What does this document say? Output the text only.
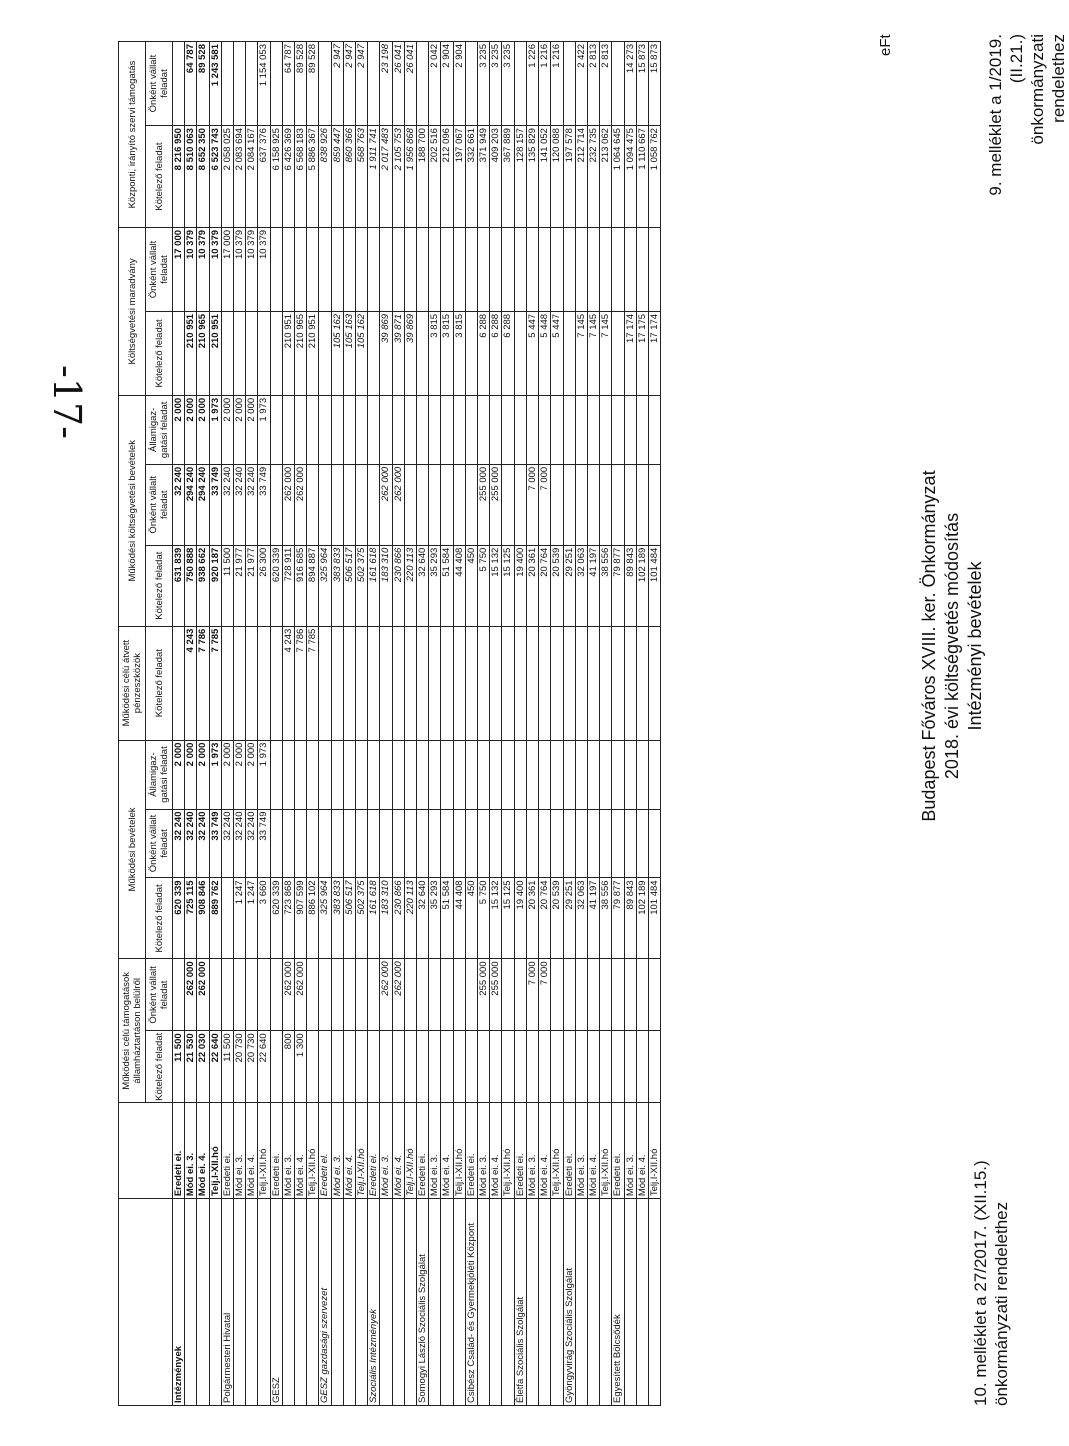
10. melléklet a 27/2017. (XII.15.) önkormányzati rendelethez
Budapest Főváros XVIII. ker. Önkormányzat 2018. évi költségvetés módosítás Intézményi bevételek
9. melléklet a 1/2019. (II.21.) önkormányzati rendelethez
eFt
		Működési célú támogatások államháztartáson belülről		Működési bevételek			Működési célú átvett pénzeszközök	Működési költségvetési bevételek			Költségvetési maradvány		Központi, irányító szervi támogatás	
		Kötelező feladat	Önként vállalt feladat	Kötelező feladat	Önként vállalt feladat	Államigaz-gatási feladat	Kötelező feladat	Kötelező feladat	Önként vállalt feladat	Államigaz-gatási feladat	Kötelező feladat	Önként vállalt feladat	Kötelező feladat	Önként vállalt feladat
Intézmények	Eredeti ei.	11 500		620 339	32 240	2 000		631 839	32 240	2 000		17 000	8 216 950	
	Mód ei. 3.	21 530	262 000	725 115	32 240	2 000	4 243	750 888	294 240	2 000	210 951	10 379	8 510 063	64 787
	Mód ei. 4.	22 030	262 000	908 846	32 240	2 000	7 786	938 662	294 240	2 000	210 965	10 379	8 652 350	89 528
	Telj.I-XII.hó	22 640		889 762	33 749	1 973	7 785	920 187	33 749	1 973	210 951	10 379	6 523 743	1 243 581
Polgármesteri Hivatal	Eredeti ei.	11 500			32 240	2 000		11 500	32 240	2 000		17 000	2 058 025	
	Mód ei. 3.	20 730		1 247	32 240	2 000		21 977	32 240	2 000		10 379	2 083 694	
	Mód ei. 4.	20 730		1 247	32 240	2 000		21 977	32 240	2 000		10 379	2 084 167	
	Telj.I-XII.hó	22 640		3 660	33 749	1 973		26 300	33 749	1 973		10 379	637 376	1 154 053
GESZ	Eredeti ei.			620 339				620 339					6 158 925	
	Mód ei. 3.	800	262 000	723 868			4 243	728 911	262 000		210 951		6 426 369	64 787
	Mód ei. 4.	1 300	262 000	907 599			7 786	916 685	262 000		210 965		6 568 183	89 528
	Telj.I-XII.hó			886 102			7 785	894 887			210 951		5 886 367	89 528
GESZ gazdasági szervezet	Eredeti el.			325 964				325 964					838 926	
	Mód ei. 3.			383 833				383 833			105 162		859 447	2 947
	Mód ei. 4.			506 517				506 517			105 163		860 366	2 947
	Telj.I-XII.hó			502 375				502 375			105 162		568 763	2 947
Szociális Intézmények	Eredeti ei.			161 618				161 618					1 911 741	
	Mód ei. 3.		262 000	183 310				183 310	262 000		39 869		2 017 483	23 198
	Mód ei. 4.		262 000	230 866				230 866	262 000		39 871		2 105 753	26 041
	Telj.I-XII.hó			220 113				220 113			39 869		1 956 868	26 041
Somogyi László Szociális Szolgálat	Eredeti ei.			32 640				32 640					188 700	
	Mód ei. 3.			35 293				35 293			3 815		202 516	2 042
	Mód ei. 4.			51 584				51 584			3 815		212 096	2 904
	Telj.I-XII.hó			44 408				44 408			3 815		197 067	2 904
Csibész Család- és Gyermekjóléti Központ	Eredeti ei.			450				450					332 661	
	Mód ei. 3.		255 000	5 750				5 750	255 000		6 288		371 949	3 235
	Mód ei. 4.		255 000	15 132				15 132	255 000		6 288		409 203	3 235
	Telj.I-XII.hó			15 125				15 125			6 288		367 889	3 235
Életfa Szociális Szolgálat	Eredeti ei.			19 400				19 400					128 157	
	Mód ei. 3.		7 000	20 361				20 361	7 000		5 447		135 829	1 226
	Mód ei. 4.		7 000	20 764				20 764	7 000		5 448		141 052	1 216
	Telj.I-XII.hó			20 539				20 539			5 447		120 088	1 216
Gyöngyvirág Szociális Szolgálat	Eredeti ei.			29 251				29 251					197 578	
	Mód ei. 3.			32 063				32 063			7 145		212 714	2 422
	Mód ei. 4.			41 197				41 197			7 145		232 735	2 813
	Telj.I-XII.hó			38 556				38 556			7 145		213 062	2 813
Egyesített Bölcsődék	Eredeti ei.			79 877				79 877					1 064 645	
	Mód ei. 3.			89 843				89 843			17 174		1 094 475	14 273
	Mód ei. 4.			102 189				102 189			17 175		1 110 667	15 873
	Telj.I-XII.hó			101 484				101 484			17 174		1 058 762	15 873
-17-
